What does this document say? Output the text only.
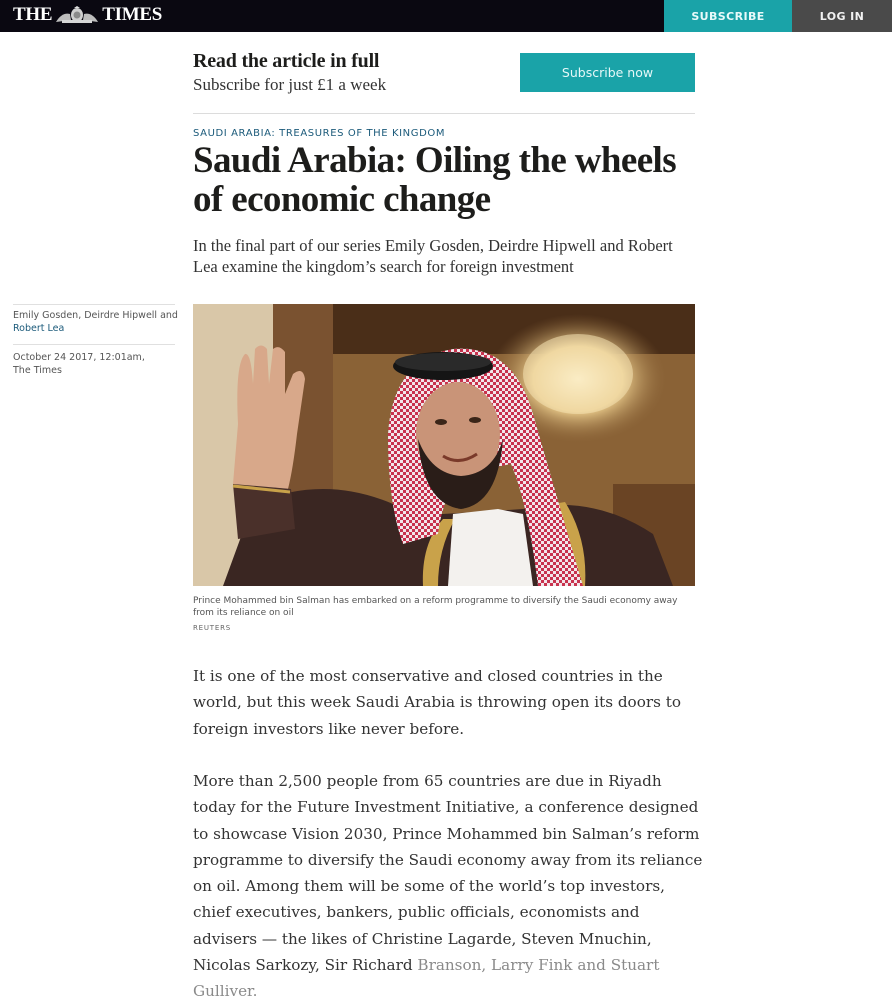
THE	TIMES	SUBSCRIBE	LOG IN
Read the article in full
Subscribe for just £1 a week
Subscribe now
SAUDI ARABIA: TREASURES OF THE KINGDOM
Saudi Arabia: Oiling the wheels of economic change
In the final part of our series Emily Gosden, Deirdre Hipwell and Robert Lea examine the kingdom’s search for foreign investment
Emily Gosden, Deirdre Hipwell and Robert Lea
October 24 2017, 12:01am,
The Times
Prince Mohammed bin Salman has embarked on a reform programme to diversify the Saudi economy away from its reliance on oil
REUTERS

It is one of the most conservative and closed countries in the world, but this week Saudi Arabia is throwing open its doors to foreign investors like never before.

More than 2,500 people from 65 countries are due in Riyadh today for the Future Investment Initiative, a conference designed to showcase Vision 2030, Prince Mohammed bin Salman’s reform programme to diversify the Saudi economy away from its reliance on oil. Among them will be some of the world’s top investors, chief executives, bankers, public officials, economists and advisers — the likes of Christine Lagarde, Steven Mnuchin, Nicolas Sarkozy, Sir Richard Branson, Larry Fink and Stuart Gulliver.
